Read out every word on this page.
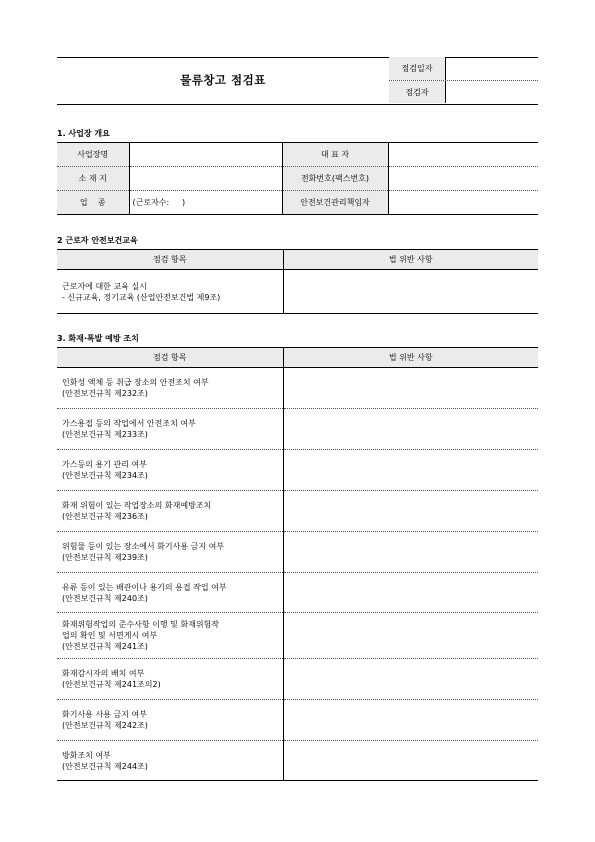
물류창고 점검표
점검일자
점검자
1. 사업장 개요
사업장명		대 표 자	
소 재 지		전화번호(팩스번호)	
업    종	(근로자수:     )	안전보건관리책임자	
2 근로자 안전보건교육
점검 항목	법 위반 사항

근로자에 대한 교육 실시
- 신규교육, 정기교육 (산업안전보건법 제9조)	

3. 화재·폭발 예방 조치
점검 항목	법 위반 사항

인화성 액체 등 취급 장소의 안전조치 여부
(안전보건규칙 제232조)	

가스용접 등의 작업에서 안전조치 여부
(안전보건규칙 제233조)	

가스등의 용기 관리 여부
(안전보건규칙 제234조)	

화재 위험이 있는 작업장소의 화재예방조치
(안전보건규칙 제236조)	

위험물 등이 있는 장소에서 화기사용 금지 여부
(안전보건규칙 제239조)	

유류 등이 있는 배관이나 용기의 용접 작업 여부
(안전보건규칙 제240조)	

화재위험작업의 준수사항 이행 및 화재위험작
업의 확인 및 서면게시 여부
(안전보건규칙 제241조)	

화재감시자의 배치 여부
(안전보건규칙 제241조의2)	

화기사용 사용 금지 여부
(안전보건규칙 제242조)	

방화조치 여부
(안전보건규칙 제244조)	
